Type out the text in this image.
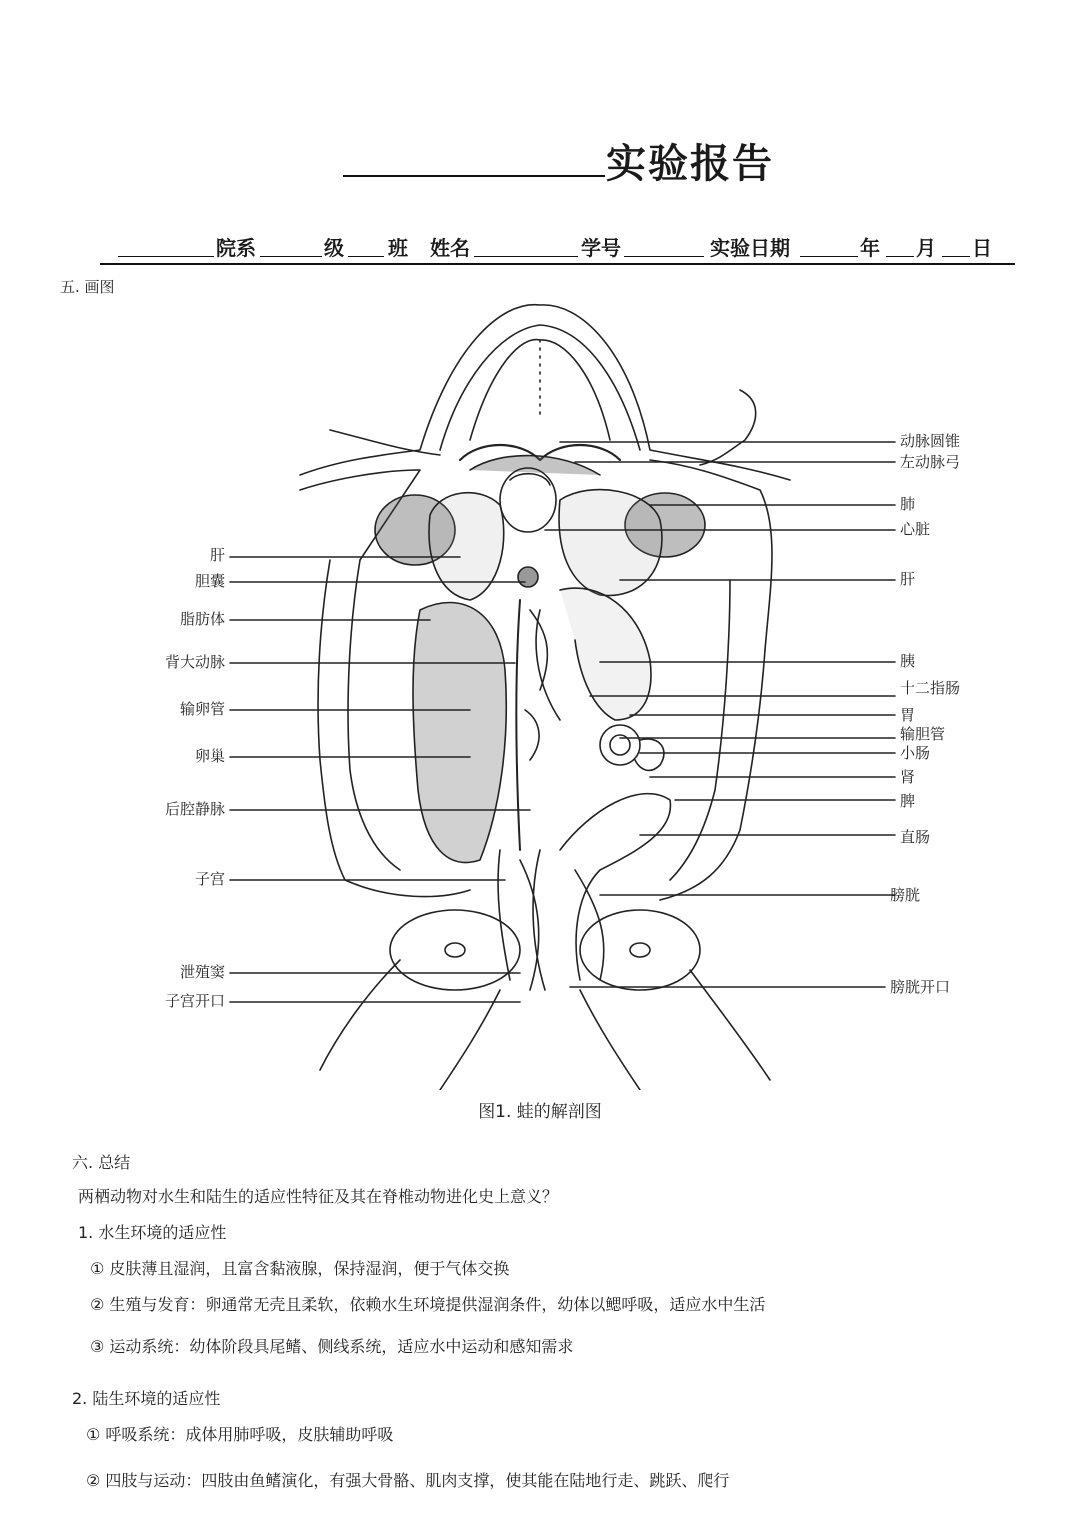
实验报告
院系	级 班 姓名	学号	实验日期	年 月 日
五. 画图
肝
胆囊
脂肪体
背大动脉
输卵管
卵巢
后腔静脉
子宫
泄殖窦
子宫开口
动脉圆锥
左动脉弓
肺
心脏
肝
胰
十二指肠
胃
输胆管
小肠
肾
脾
直肠
膀胱
膀胱开口
图1. 蛙的解剖图
六. 总结
两栖动物对水生和陆生的适应性特征及其在脊椎动物进化史上意义？
1. 水生环境的适应性
① 皮肤薄且湿润，且富含黏液腺，保持湿润，便于气体交换
② 生殖与发育：卵通常无壳且柔软，依赖水生环境提供湿润条件，幼体以鳃呼吸，适应水中生活
③ 运动系统：幼体阶段具尾鳍、侧线系统，适应水中运动和感知需求
2. 陆生环境的适应性
① 呼吸系统：成体用肺呼吸，皮肤辅助呼吸
② 四肢与运动：四肢由鱼鳍演化，有强大骨骼、肌肉支撑，使其能在陆地行走、跳跃、爬行
